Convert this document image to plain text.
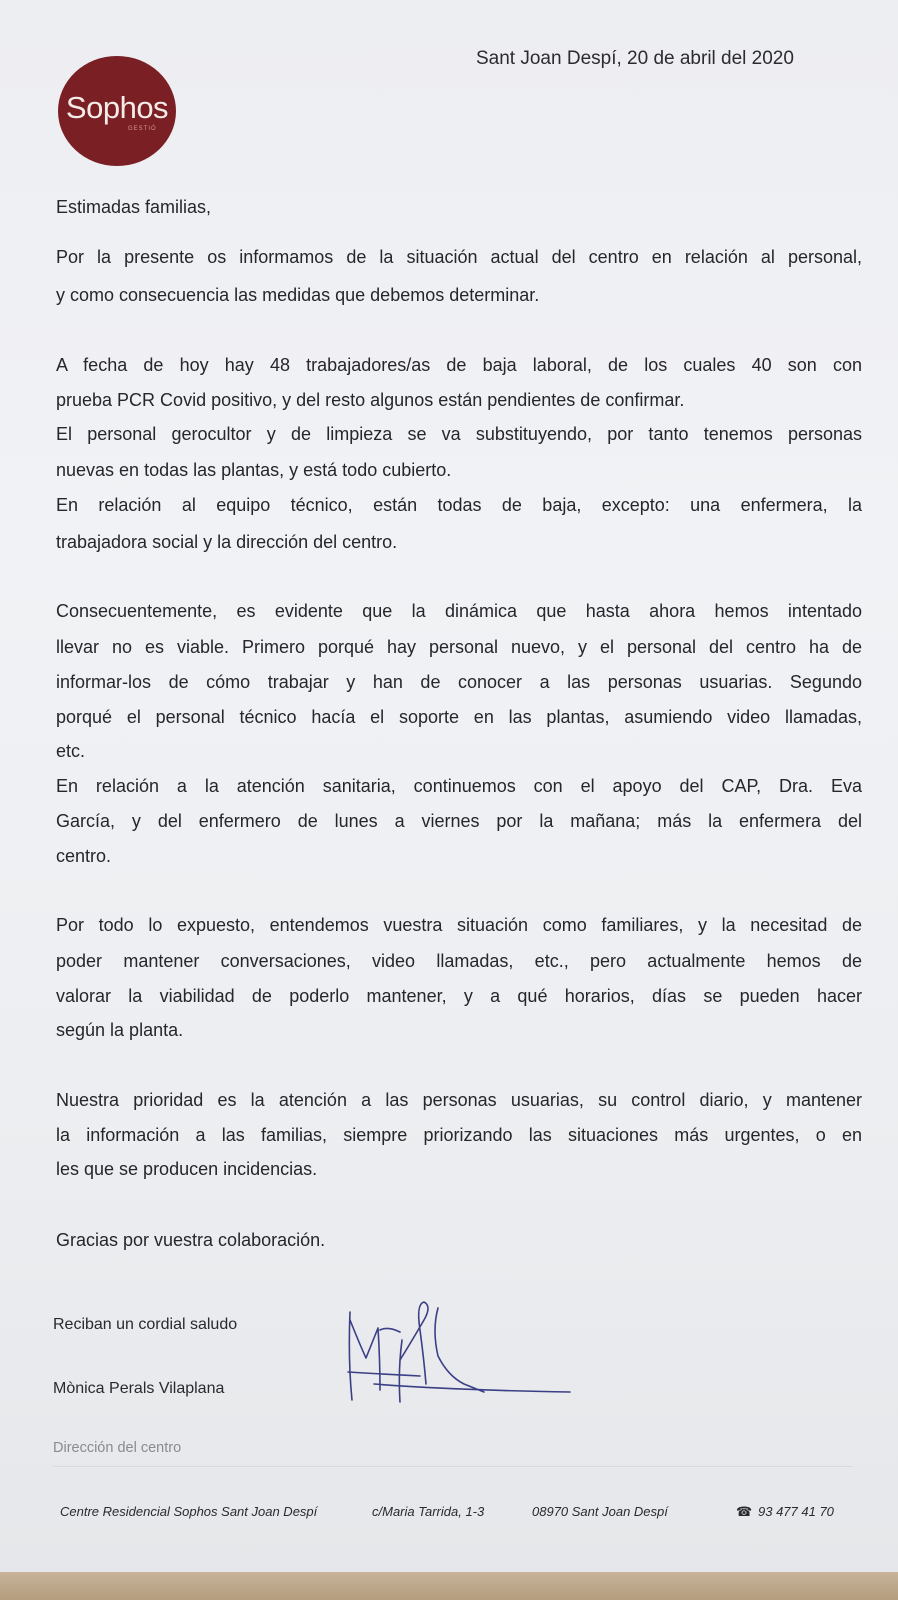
Sophos
GESTIÓ
Sant Joan Despí, 20 de abril del 2020
Estimadas familias,
Por la presente os informamos de la situación actual del centro en relación al personal,
y como consecuencia las medidas que debemos determinar.
A fecha de hoy hay 48 trabajadores/as de baja laboral, de los cuales 40 son con
prueba PCR Covid positivo, y del resto algunos están pendientes de confirmar.
El personal gerocultor y de limpieza se va substituyendo, por tanto tenemos personas
nuevas en todas las plantas, y está todo cubierto.
En relación al equipo técnico, están todas de baja, excepto: una enfermera, la
trabajadora social y la dirección del centro.
Consecuentemente, es evidente que la dinámica que hasta ahora hemos intentado
llevar no es viable. Primero porqué hay personal nuevo, y el personal del centro ha de
informar-los de cómo trabajar y han de conocer a las personas usuarias. Segundo
porqué el personal técnico hacía el soporte en las plantas, asumiendo video llamadas,
etc.
En relación a la atención sanitaria, continuemos con el apoyo del CAP, Dra. Eva
García, y del enfermero de lunes a viernes por la mañana; más la enfermera del
centro.
Por todo lo expuesto, entendemos vuestra situación como familiares, y la necesitad de
poder mantener conversaciones, video llamadas, etc., pero actualmente hemos de
valorar la viabilidad de poderlo mantener, y a qué horarios, días se pueden hacer
según la planta.
Nuestra prioridad es la atención a las personas usuarias, su control diario, y mantener
la información a las familias, siempre priorizando las situaciones más urgentes, o en
les que se producen incidencias.
Gracias por vuestra colaboración.
Reciban un cordial saludo
Mònica Perals Vilaplana
Dirección del centro
Centre Residencial Sophos Sant Joan Despí	c/Maria Tarrida, 1-3	08970 Sant Joan Despí	☎ 93 477 41 70
